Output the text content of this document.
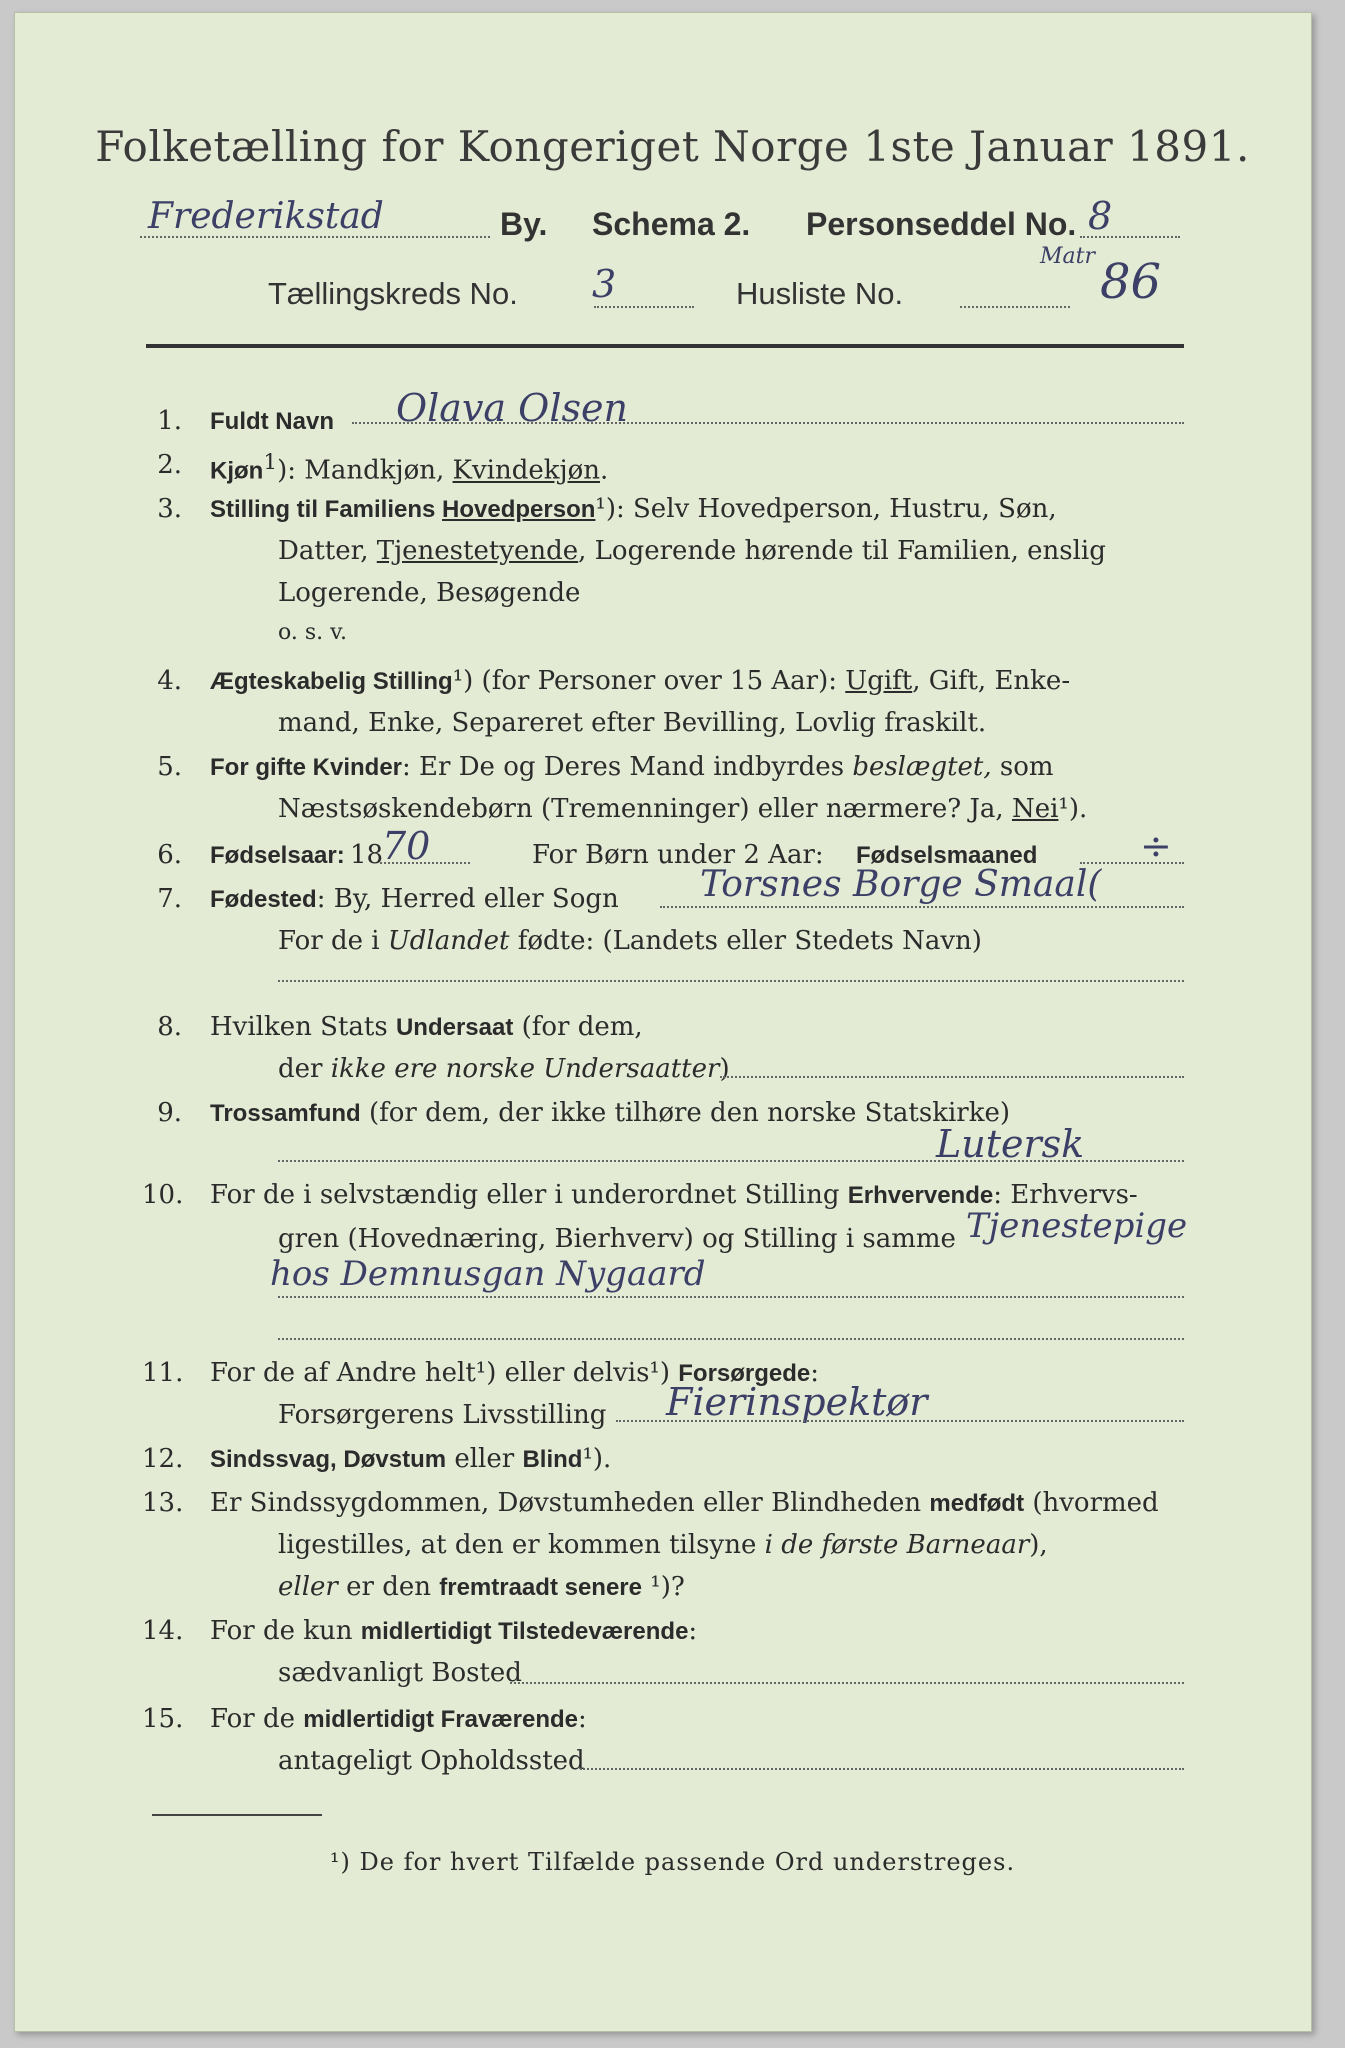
Folketælling for Kongeriget Norge 1ste Januar 1891.
Frederikstad	By. Schema 2. Personseddel No. 8
Tællingskreds No. 3	Husliste No.
Matr 86
1. Fuldt Navn Olava Olsen
2. Kjøn$^1$): Mandkjøn, Kvindekjøn.
3. Stilling til Familiens Hovedperson¹): Selv Hovedperson, Hustru, Søn,
Datter, Tjenestetyende, Logerende hørende til Familien, enslig
Logerende, Besøgende
o. s. v.
4. Ægteskabelig Stilling¹) (for Personer over 15 Aar): Ugift, Gift, Enke-
mand, Enke, Separeret efter Bevilling, Lovlig fraskilt.
5. For gifte Kvinder: Er De og Deres Mand indbyrdes beslægtet, som
Næstsøskendebørn (Tremenninger) eller nærmere? Ja, Nei¹).
6. Fødselsaar: 18
70	For Børn under 2 Aar: Fødselsmaaned	÷
7. Fødested: By, Herred eller Sogn Torsnes Borge Smaal(
For de i Udlandet fødte: (Landets eller Stedets Navn)
8. Hvilken Stats Undersaat (for dem,
der ikke ere norske Undersaatter)
9. Trossamfund (for dem, der ikke tilhøre den norske Statskirke)
Lutersk
10. For de i selvstændig eller i underordnet Stilling Erhvervende: Erhvervs-
gren (Hovednæring, Bierhverv) og Stilling i samme Tjenestepige
hos Demnusgan Nygaard
11. For de af Andre helt¹) eller delvis¹) Forsørgede:
Forsørgerens Livsstilling Fierinspektør
12. Sindssvag, Døvstum eller Blind¹).
13. Er Sindssygdommen, Døvstumheden eller Blindheden medfødt (hvormed
ligestilles, at den er kommen tilsyne i de første Barneaar),
eller er den fremtraadt senere ¹)?
14. For de kun midlertidigt Tilstedeværende:
sædvanligt Bosted
15. For de midlertidigt Fraværende:
antageligt Opholdssted
¹) De for hvert Tilfælde passende Ord understreges.
